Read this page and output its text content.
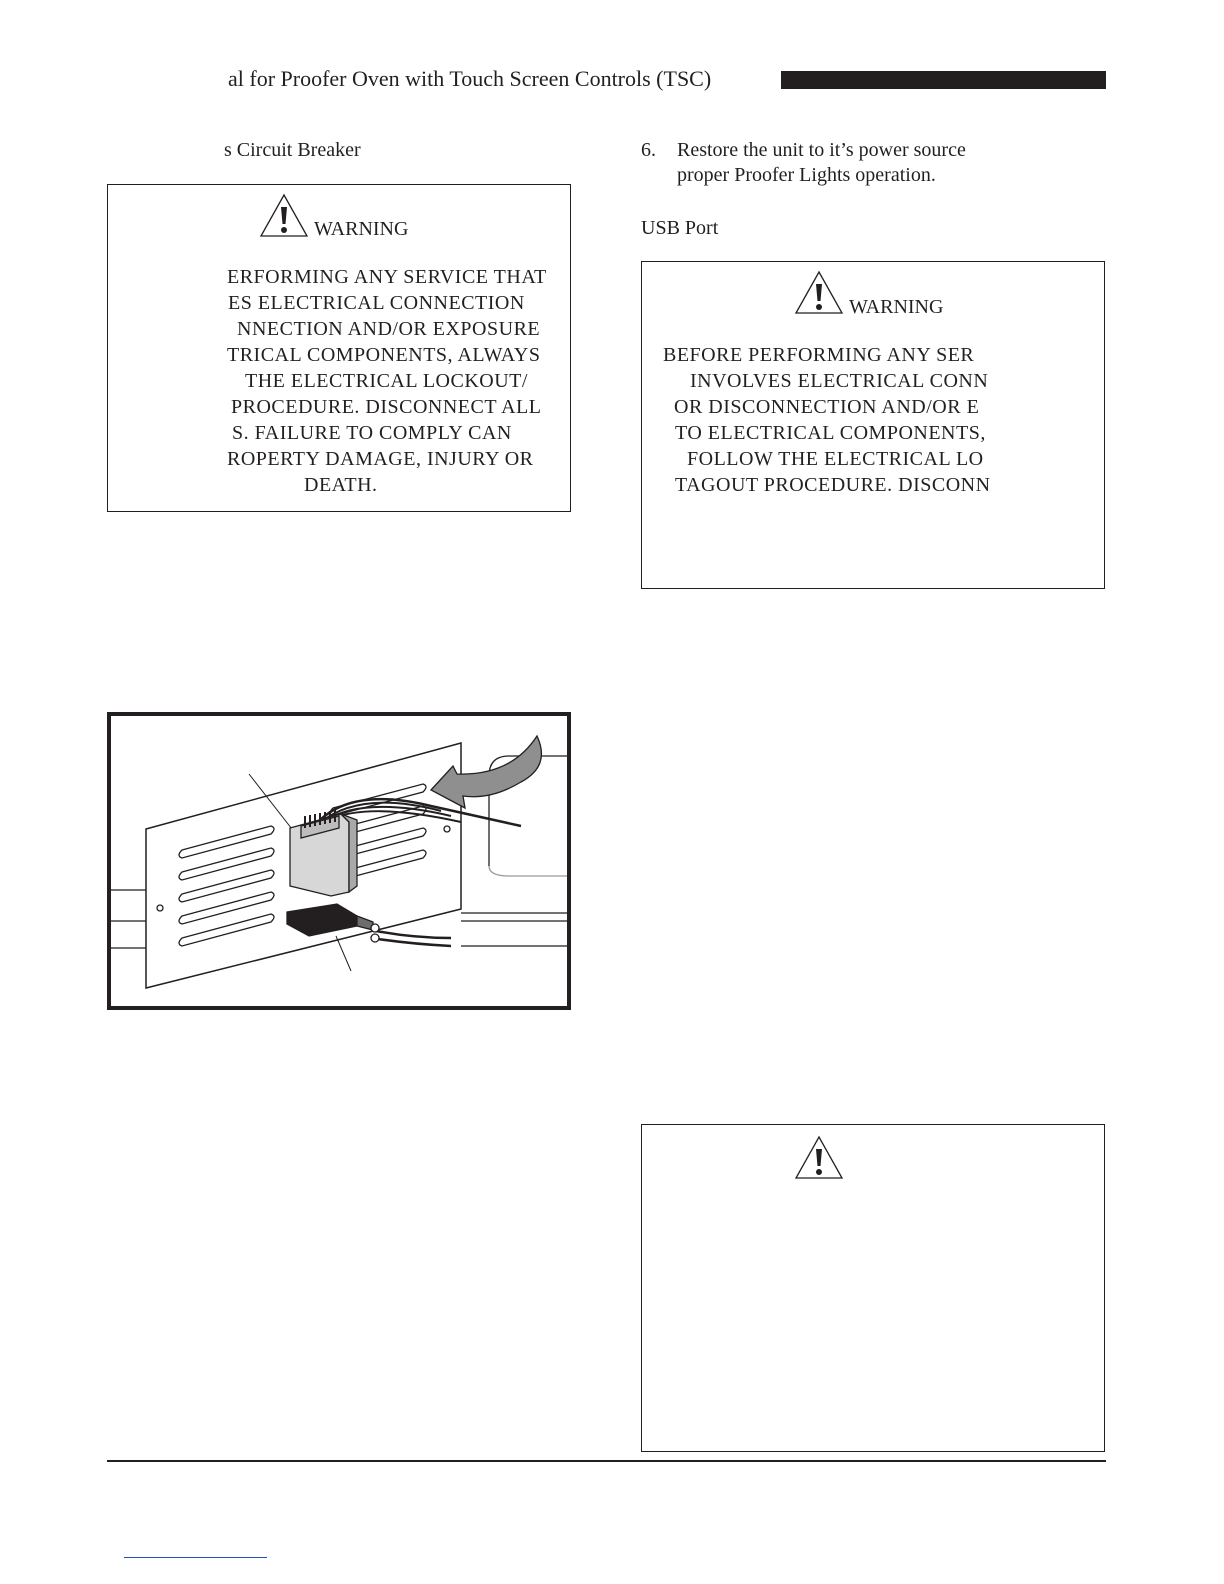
al for Proofer Oven with Touch Screen Controls (TSC)
s Circuit Breaker
WARNING
ERFORMING ANY SERVICE THAT
ES ELECTRICAL CONNECTION
NNECTION AND/OR EXPOSURE
TRICAL COMPONENTS, ALWAYS
THE ELECTRICAL LOCKOUT/
PROCEDURE. DISCONNECT ALL
S. FAILURE TO COMPLY CAN
ROPERTY DAMAGE, INJURY OR
DEATH.
6. Restore the unit to it’s power source
proper Proofer Lights operation.
USB Port
WARNING
BEFORE PERFORMING ANY SER
INVOLVES ELECTRICAL CONN
OR DISCONNECTION AND/OR E
TO ELECTRICAL COMPONENTS,
FOLLOW THE ELECTRICAL LO
TAGOUT PROCEDURE. DISCONN
